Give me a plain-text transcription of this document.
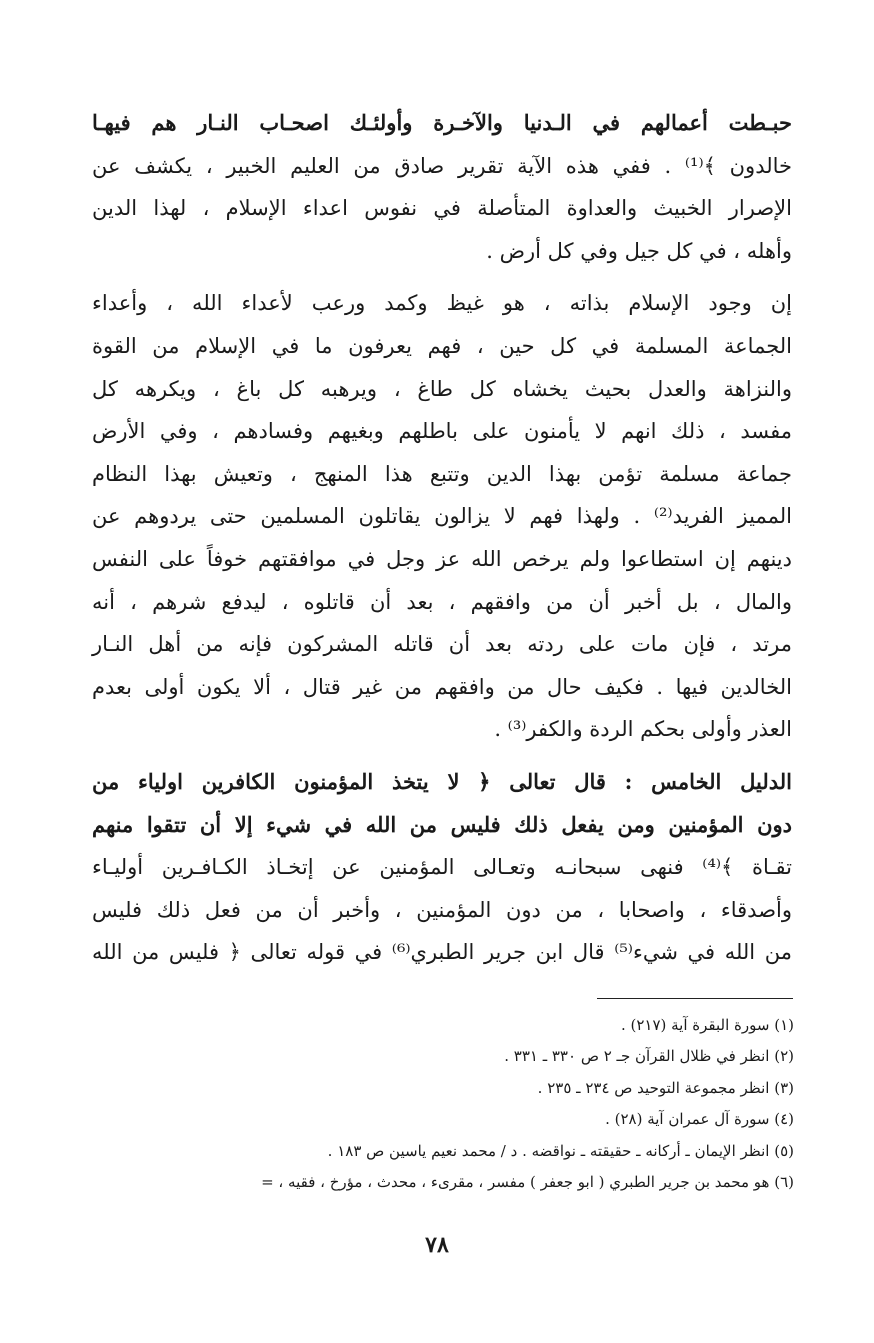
حبـطت أعمالهم في الـدنيا والآخـرة وأولئـك اصحـاب النـار هم فيهـا
خالدون ﴾⁽¹⁾ . ففي هذه الآية تقرير صادق من العليم الخبير ، يكشف عن
الإصرار الخبيث والعداوة المتأصلة في نفوس اعداء الإسلام ، لهذا الدين
وأهله ، في كل جيل وفي كل أرض .
إن وجود الإسلام بذاته ، هو غيظ وكمد ورعب لأعداء الله ، وأعداء
الجماعة المسلمة في كل حين ، فهم يعرفون ما في الإسلام من القوة
والنزاهة والعدل بحيث يخشاه كل طاغ ، ويرهبه كل باغ ، ويكرهه كل
مفسد ، ذلك انهم لا يأمنون على باطلهم وبغيهم وفسادهم ، وفي الأرض
جماعة مسلمة تؤمن بهذا الدين وتتبع هذا المنهج ، وتعيش بهذا النظام
المميز الفريد⁽²⁾ . ولهذا فهم لا يزالون يقاتلون المسلمين حتى يردوهم عن
دينهم إن استطاعوا ولم يرخص الله عز وجل في موافقتهم خوفاً على النفس
والمال ، بل أخبر أن من وافقهم ، بعد أن قاتلوه ، ليدفع شرهم ، أنه
مرتد ، فإن مات على ردته بعد أن قاتله المشركون فإنه من أهل النـار
الخالدين فيها . فكيف حال من وافقهم من غير قتال ، ألا يكون أولى بعدم
العذر وأولى بحكم الردة والكفر⁽³⁾ .
الدليل الخامس : قال تعالى ﴿ لا يتخذ المؤمنون الكافرين اولياء من
دون المؤمنين ومن يفعل ذلك فليس من الله في شيء إلا أن تتقوا منهم
تقـاة ﴾⁽⁴⁾ فنهى سبحانـه وتعـالى المؤمنين عن إتخـاذ الكـافـرين أوليـاء
وأصدقاء ، واصحابا ، من دون المؤمنين ، وأخبر أن من فعل ذلك فليس
من الله في شيء⁽⁵⁾ قال ابن جرير الطبري⁽⁶⁾ في قوله تعالى ﴿ فليس من الله
(١) سورة البقرة آية (٢١٧) .
(٢) انظر في ظلال القرآن جـ ٢ ص ٣٣٠ ـ ٣٣١ .
(٣) انظر مجموعة التوحيد ص ٢٣٤ ـ ٢٣٥ .
(٤) سورة آل عمران آية (٢٨) .
(٥) انظر الإيمان ـ أركانه ـ حقيقته ـ نواقضه . د / محمد نعيم ياسين ص ١٨٣ .
(٦) هو محمد بن جرير الطبري ( ابو جعفر ) مفسر ، مقرىء ، محدث ، مؤرخ ، فقيه ، =
٧٨
